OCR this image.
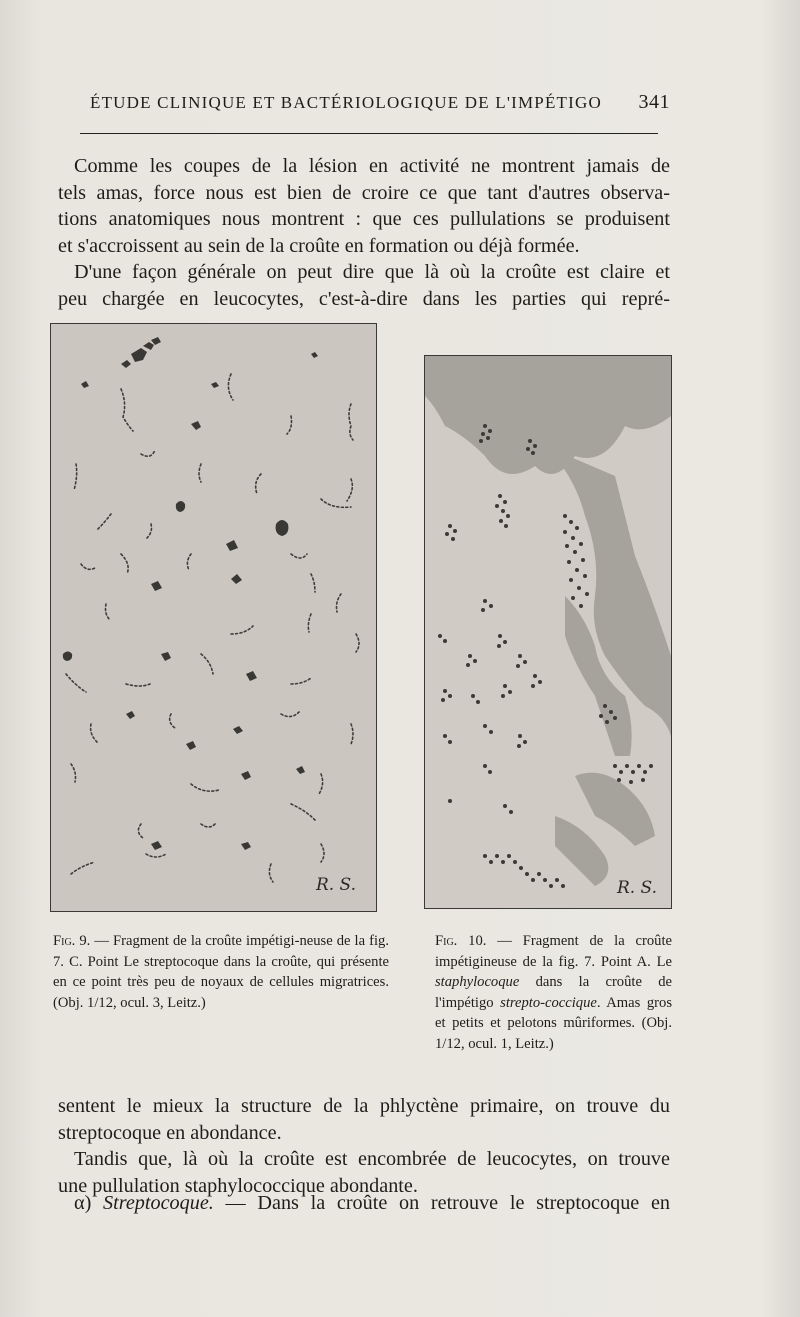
ÉTUDE CLINIQUE ET BACTÉRIOLOGIQUE DE L'IMPÉTIGO 341
Comme les coupes de la lésion en activité ne montrent jamais de
tels amas, force nous est bien de croire ce que tant d'autres observa-
tions anatomiques nous montrent : que ces pullulations se produisent
et s'accroissent au sein de la croûte en formation ou déjà formée.
D'une façon générale on peut dire que là où la croûte est claire et
peu chargée en leucocytes, c'est-à-dire dans les parties qui repré-
R. S.	R. S.

Fig. 9. — Fragment de la croûte impétigi-neuse de la fig. 7. C. Point Le streptocoque dans la croûte, qui présente en ce point très peu de noyaux de cellules migratrices. (Obj. 1/12, ocul. 3, Leitz.)

Fig. 10. — Fragment de la croûte impétigineuse de la fig. 7. Point A. Le staphylocoque dans la croûte de l'impétigo strepto-coccique. Amas gros et petits et pelotons mûriformes. (Obj. 1/12, ocul. 1, Leitz.)

sentent le mieux la structure de la phlyctène primaire, on trouve du
streptocoque en abondance.
Tandis que, là où la croûte est encombrée de leucocytes, on trouve
une pullulation staphylococcique abondante.
α) Streptocoque. — Dans la croûte on retrouve le streptocoque en
